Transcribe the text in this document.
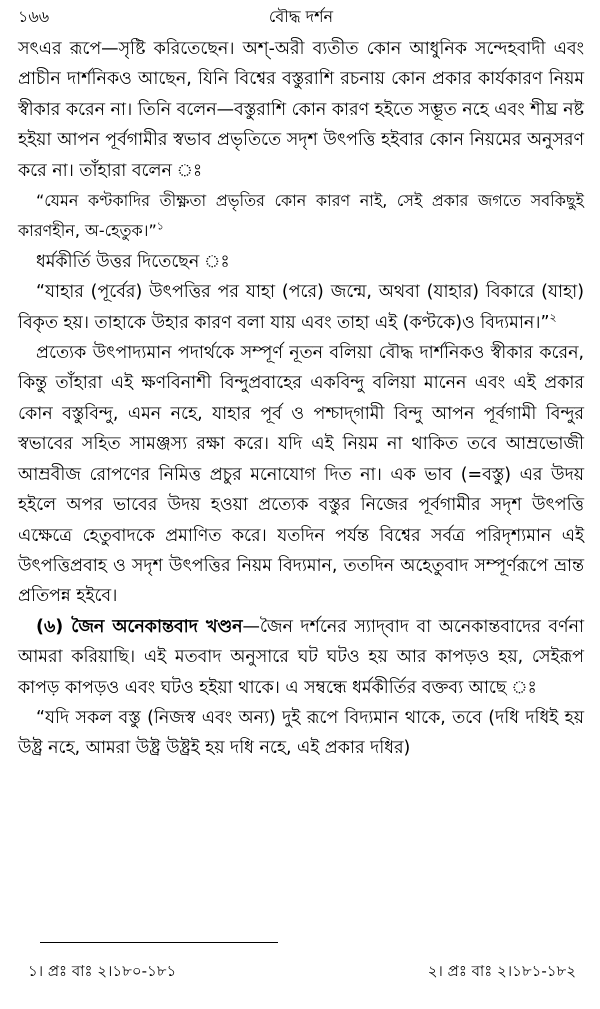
১৬৬	বৌদ্ধ দর্শন

সৎএর রূপে—সৃষ্টি করিতেছেন। অশ্‌-অরী ব্যতীত কোন আধুনিক সন্দেহবাদী এবং প্রাচীন দার্শনিকও আছেন, যিনি বিশ্বের বস্তুরাশি রচনায় কোন প্রকার কার্যকারণ নিয়ম স্বীকার করেন না। তিনি বলেন—বস্তুরাশি কোন কারণ হইতে সম্ভূত নহে এবং শীঘ্র নষ্ট হইয়া আপন পূর্বগামীর স্বভাব প্রভৃতিতে সদৃশ উৎপত্তি হইবার কোন নিয়মের অনুসরণ করে না। তাঁহারা বলেন ঃ

“যেমন কণ্টকাদির তীক্ষ্ণতা প্রভৃতির কোন কারণ নাই, সেই প্রকার জগতে সবকিছুই কারণহীন, অ-হেতুক।”$^১$

ধর্মকীর্তি উত্তর দিতেছেন ঃ

“যাহার (পূর্বের) উৎপত্তির পর যাহা (পরে) জন্মে, অথবা (যাহার) বিকারে (যাহা) বিকৃত হয়। তাহাকে উহার কারণ বলা যায় এবং তাহা এই (কণ্টকে)ও বিদ্যমান।”$^২$

প্রত্যেক উৎপাদ্যমান পদার্থকে সম্পূর্ণ নূতন বলিয়া বৌদ্ধ দার্শনিকও স্বীকার করেন, কিন্তু তাঁহারা এই ক্ষণবিনাশী বিন্দুপ্রবাহের একবিন্দু বলিয়া মানেন এবং এই প্রকার কোন বস্তুবিন্দু, এমন নহে, যাহার পূর্ব ও পশ্চাদ্‌গামী বিন্দু আপন পূর্বগামী বিন্দুর স্বভাবের সহিত সামঞ্জস্য রক্ষা করে। যদি এই নিয়ম না থাকিত তবে আম্রভোজী আম্রবীজ রোপণের নিমিত্ত প্রচুর মনোযোগ দিত না। এক ভাব (=বস্তু) এর উদয় হইলে অপর ভাবের উদয় হওয়া প্রত্যেক বস্তুর নিজের পূর্বগামীর সদৃশ উৎপত্তি এক্ষেত্রে হেতুবাদকে প্রমাণিত করে। যতদিন পর্যন্ত বিশ্বের সর্বত্র পরিদৃশ্যমান এই উৎপত্তিপ্রবাহ ও সদৃশ উৎপত্তির নিয়ম বিদ্যমান, ততদিন অহেতুবাদ সম্পূর্ণরূপে ভ্রান্ত প্রতিপন্ন হইবে।

(৬) জৈন অনেকান্তবাদ খণ্ডন—জৈন দর্শনের স্যাদ্‌বাদ বা অনেকান্তবাদের বর্ণনা আমরা করিয়াছি। এই মতবাদ অনুসারে ঘট ঘটও হয় আর কাপড়ও হয়, সেইরূপ কাপড় কাপড়ও এবং ঘটও হইয়া থাকে। এ সম্বন্ধে ধর্মকীর্তির বক্তব্য আছে ঃ

“যদি সকল বস্তু (নিজস্ব এবং অন্য) দুই রূপে বিদ্যমান থাকে, তবে (দধি দধিই হয় উষ্ট্র নহে, আমরা উষ্ট্র উষ্ট্রই হয় দধি নহে, এই প্রকার দধির)

১। প্রঃ বাঃ ২।১৮০-১৮১	২। প্রঃ বাঃ ২।১৮১-১৮২
